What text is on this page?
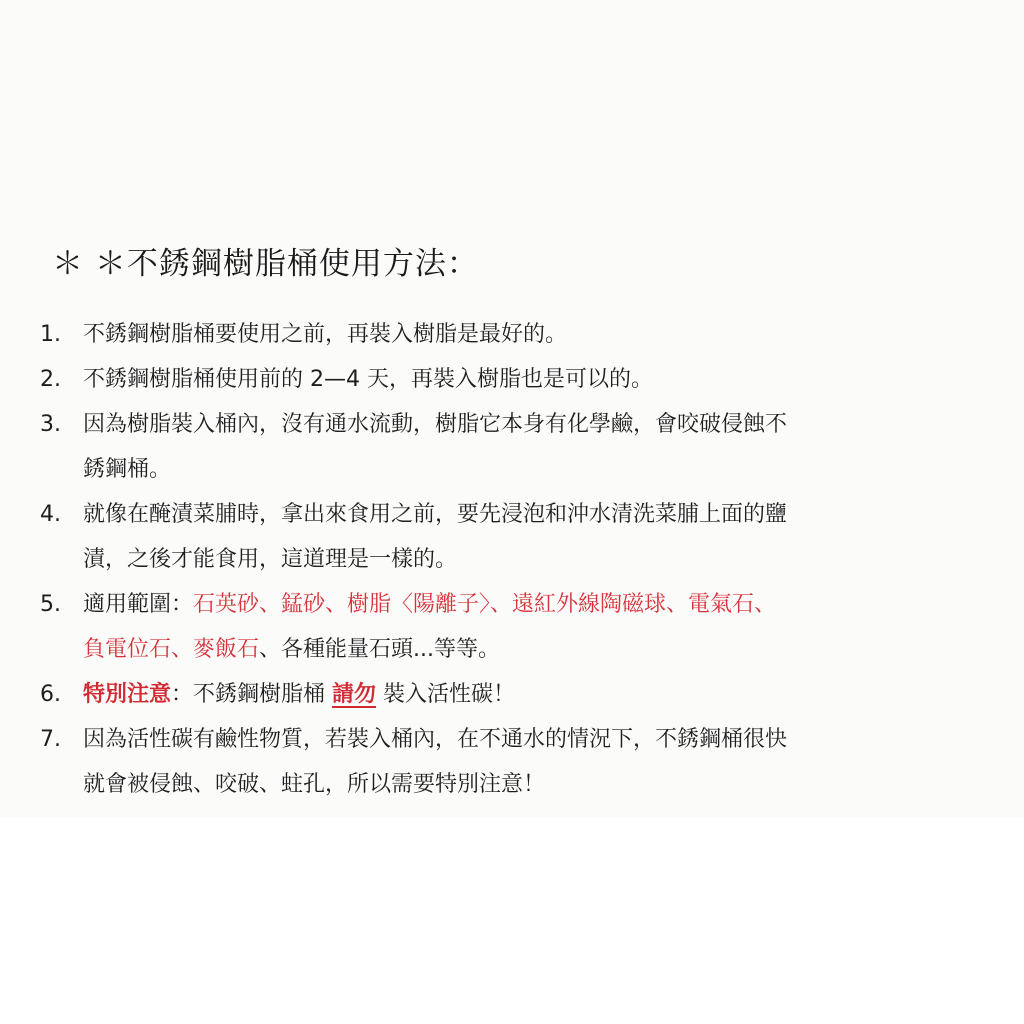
＊ ＊不銹鋼樹脂桶使用方法：
1.	不銹鋼樹脂桶要使用之前，再裝入樹脂是最好的。
2.	不銹鋼樹脂桶使用前的 2—4 天，再裝入樹脂也是可以的。
3.	因為樹脂裝入桶內，沒有通水流動，樹脂它本身有化學鹼，會咬破侵蝕不
銹鋼桶。
4.	就像在醃漬菜脯時，拿出來食用之前，要先浸泡和沖水清洗菜脯上面的鹽
漬，之後才能食用，這道理是一樣的。
5.	適用範圍：石英砂、錳砂、樹脂〈陽離子〉、遠紅外線陶磁球、電氣石、
負電位石、麥飯石、各種能量石頭...等等。
6.	特別注意：不銹鋼樹脂桶 請勿 裝入活性碳！
7.	因為活性碳有鹼性物質，若裝入桶內，在不通水的情況下，不銹鋼桶很快
就會被侵蝕、咬破、蛀孔，所以需要特別注意！
